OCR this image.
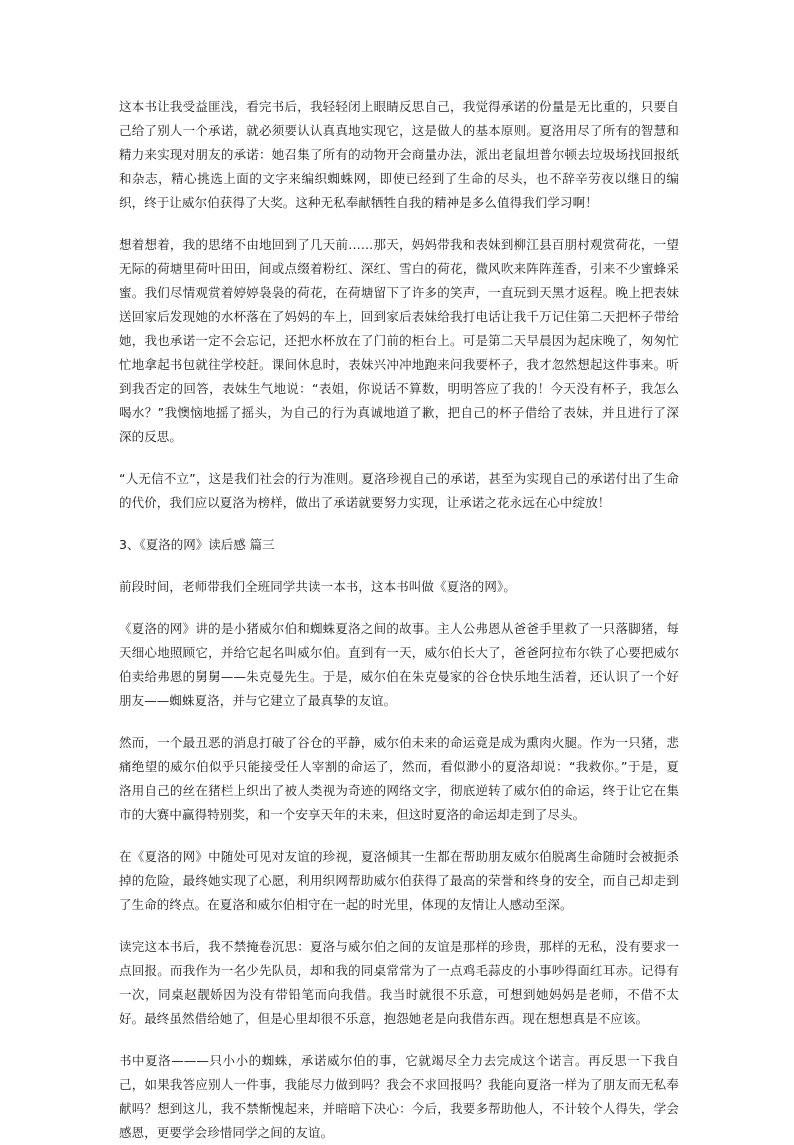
这本书让我受益匪浅，看完书后，我轻轻闭上眼睛反思自己，我觉得承诺的份量是无比重的，只要自己给了别人一个承诺，就必须要认认真真地实现它，这是做人的基本原则。夏洛用尽了所有的智慧和精力来实现对朋友的承诺：她召集了所有的动物开会商量办法，派出老鼠坦普尔顿去垃圾场找回报纸和杂志，精心挑选上面的文字来编织蜘蛛网，即使已经到了生命的尽头，也不辞辛劳夜以继日的编织，终于让威尔伯获得了大奖。这种无私奉献牺牲自我的精神是多么值得我们学习啊！

想着想着，我的思绪不由地回到了几天前……那天，妈妈带我和表妹到柳江县百朋村观赏荷花，一望无际的荷塘里荷叶田田，间或点缀着粉红、深红、雪白的荷花，微风吹来阵阵莲香，引来不少蜜蜂采蜜。我们尽情观赏着婷婷袅袅的荷花，在荷塘留下了许多的笑声，一直玩到天黑才返程。晚上把表妹送回家后发现她的水杯落在了妈妈的车上，回到家后表妹给我打电话让我千万记住第二天把杯子带给她，我也承诺一定不会忘记，还把水杯放在了门前的柜台上。可是第二天早晨因为起床晚了，匆匆忙忙地拿起书包就往学校赶。课间休息时，表妹兴冲冲地跑来问我要杯子，我才忽然想起这件事来。听到我否定的回答，表妹生气地说：“表姐，你说话不算数，明明答应了我的！今天没有杯子，我怎么喝水？”我懊恼地摇了摇头，为自己的行为真诚地道了歉，把自己的杯子借给了表妹，并且进行了深深的反思。

“人无信不立”，这是我们社会的行为准则。夏洛珍视自己的承诺，甚至为实现自己的承诺付出了生命的代价，我们应以夏洛为榜样，做出了承诺就要努力实现，让承诺之花永远在心中绽放！

3、《夏洛的网》读后感 篇三

前段时间，老师带我们全班同学共读一本书，这本书叫做《夏洛的网》。

《夏洛的网》讲的是小猪威尔伯和蜘蛛夏洛之间的故事。主人公弗恩从爸爸手里救了一只落脚猪，每天细心地照顾它，并给它起名叫威尔伯。直到有一天，威尔伯长大了，爸爸阿拉布尔铁了心要把威尔伯卖给弗恩的舅舅——朱克曼先生。于是，威尔伯在朱克曼家的谷仓快乐地生活着，还认识了一个好朋友——蜘蛛夏洛，并与它建立了最真挚的友谊。

然而，一个最丑恶的消息打破了谷仓的平静，威尔伯未来的命运竟是成为熏肉火腿。作为一只猪，悲痛绝望的威尔伯似乎只能接受任人宰割的命运了，然而，看似渺小的夏洛却说：“我救你。”于是，夏洛用自己的丝在猪栏上织出了被人类视为奇迹的网络文字，彻底逆转了威尔伯的命运，终于让它在集市的大赛中赢得特别奖，和一个安享天年的未来，但这时夏洛的命运却走到了尽头。

在《夏洛的网》中随处可见对友谊的珍视，夏洛倾其一生都在帮助朋友威尔伯脱离生命随时会被扼杀掉的危险，最终她实现了心愿，利用织网帮助威尔伯获得了最高的荣誉和终身的安全，而自己却走到了生命的终点。在夏洛和威尔伯相守在一起的时光里，体现的友情让人感动至深。

读完这本书后，我不禁掩卷沉思：夏洛与威尔伯之间的友谊是那样的珍贵，那样的无私，没有要求一点回报。而我作为一名少先队员，却和我的同桌常常为了一点鸡毛蒜皮的小事吵得面红耳赤。记得有一次，同桌赵靓娇因为没有带铅笔而向我借。我当时就很不乐意，可想到她妈妈是老师，不借不太好。最终虽然借给她了，但是心里却很不乐意，抱怨她老是向我借东西。现在想想真是不应该。

书中夏洛———只小小的蜘蛛，承诺威尔伯的事，它就竭尽全力去完成这个诺言。再反思一下我自己，如果我答应别人一件事，我能尽力做到吗？我会不求回报吗？我能向夏洛一样为了朋友而无私奉献吗？想到这儿，我不禁惭愧起来，并暗暗下决心：今后，我要多帮助他人，不计较个人得失，学会感恩，更要学会珍惜同学之间的友谊。
